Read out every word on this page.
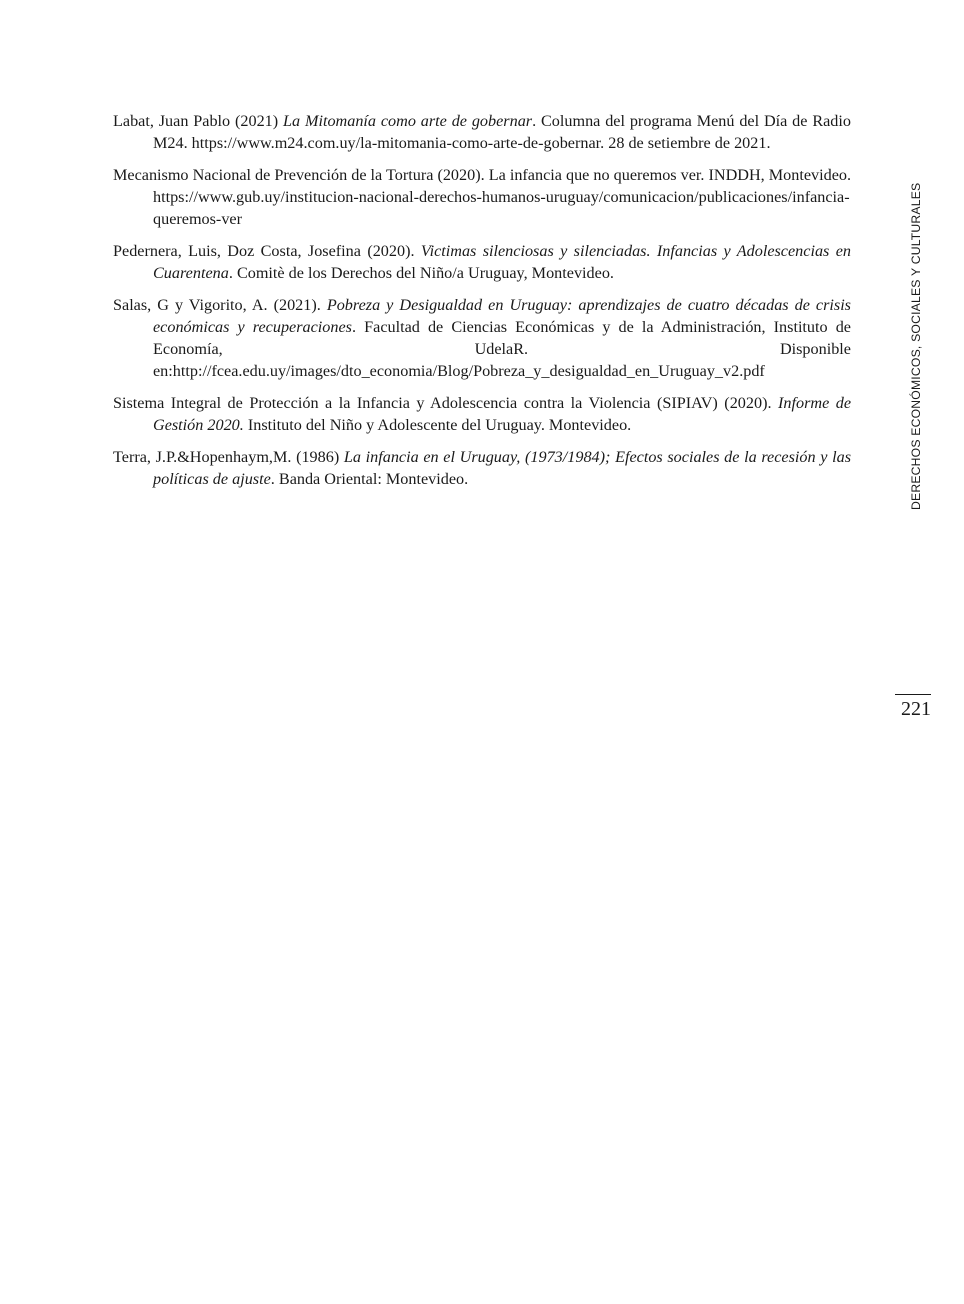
Labat, Juan Pablo (2021) La Mitomanía como arte de gobernar. Columna del programa Menú del Día de Radio M24. https://www.m24.com.uy/la-mitomania-como-arte-de-gobernar. 28 de setiembre de 2021.
Mecanismo Nacional de Prevención de la Tortura (2020). La infancia que no queremos ver. INDDH, Montevideo. https://www.gub.uy/institucion-nacional-derechos-humanos-uruguay/comunicacion/publicaciones/infancia-queremos-ver
Pedernera, Luis, Doz Costa, Josefina (2020). Victimas silenciosas y silenciadas. Infancias y Adolescencias en Cuarentena. Comitè de los Derechos del Niño/a Uruguay, Montevideo.
Salas, G y Vigorito, A. (2021). Pobreza y Desigualdad en Uruguay: aprendizajes de cuatro décadas de crisis económicas y recuperaciones. Facultad de Ciencias Económicas y de la Administración, Instituto de Economía, UdelaR. Disponible en:http://fcea.edu.uy/images/dto_economia/Blog/Pobreza_y_desigualdad_en_Uruguay_v2.pdf
Sistema Integral de Protección a la Infancia y Adolescencia contra la Violencia (SIPIAV) (2020). Informe de Gestión 2020. Instituto del Niño y Adolescente del Uruguay. Montevideo.
Terra, J.P.&Hopenhaym,M. (1986) La infancia en el Uruguay, (1973/1984); Efectos sociales de la recesión y las políticas de ajuste. Banda Oriental: Montevideo.	DERECHOS ECONÓMICOS, SOCIALES Y CULTURALES
221
